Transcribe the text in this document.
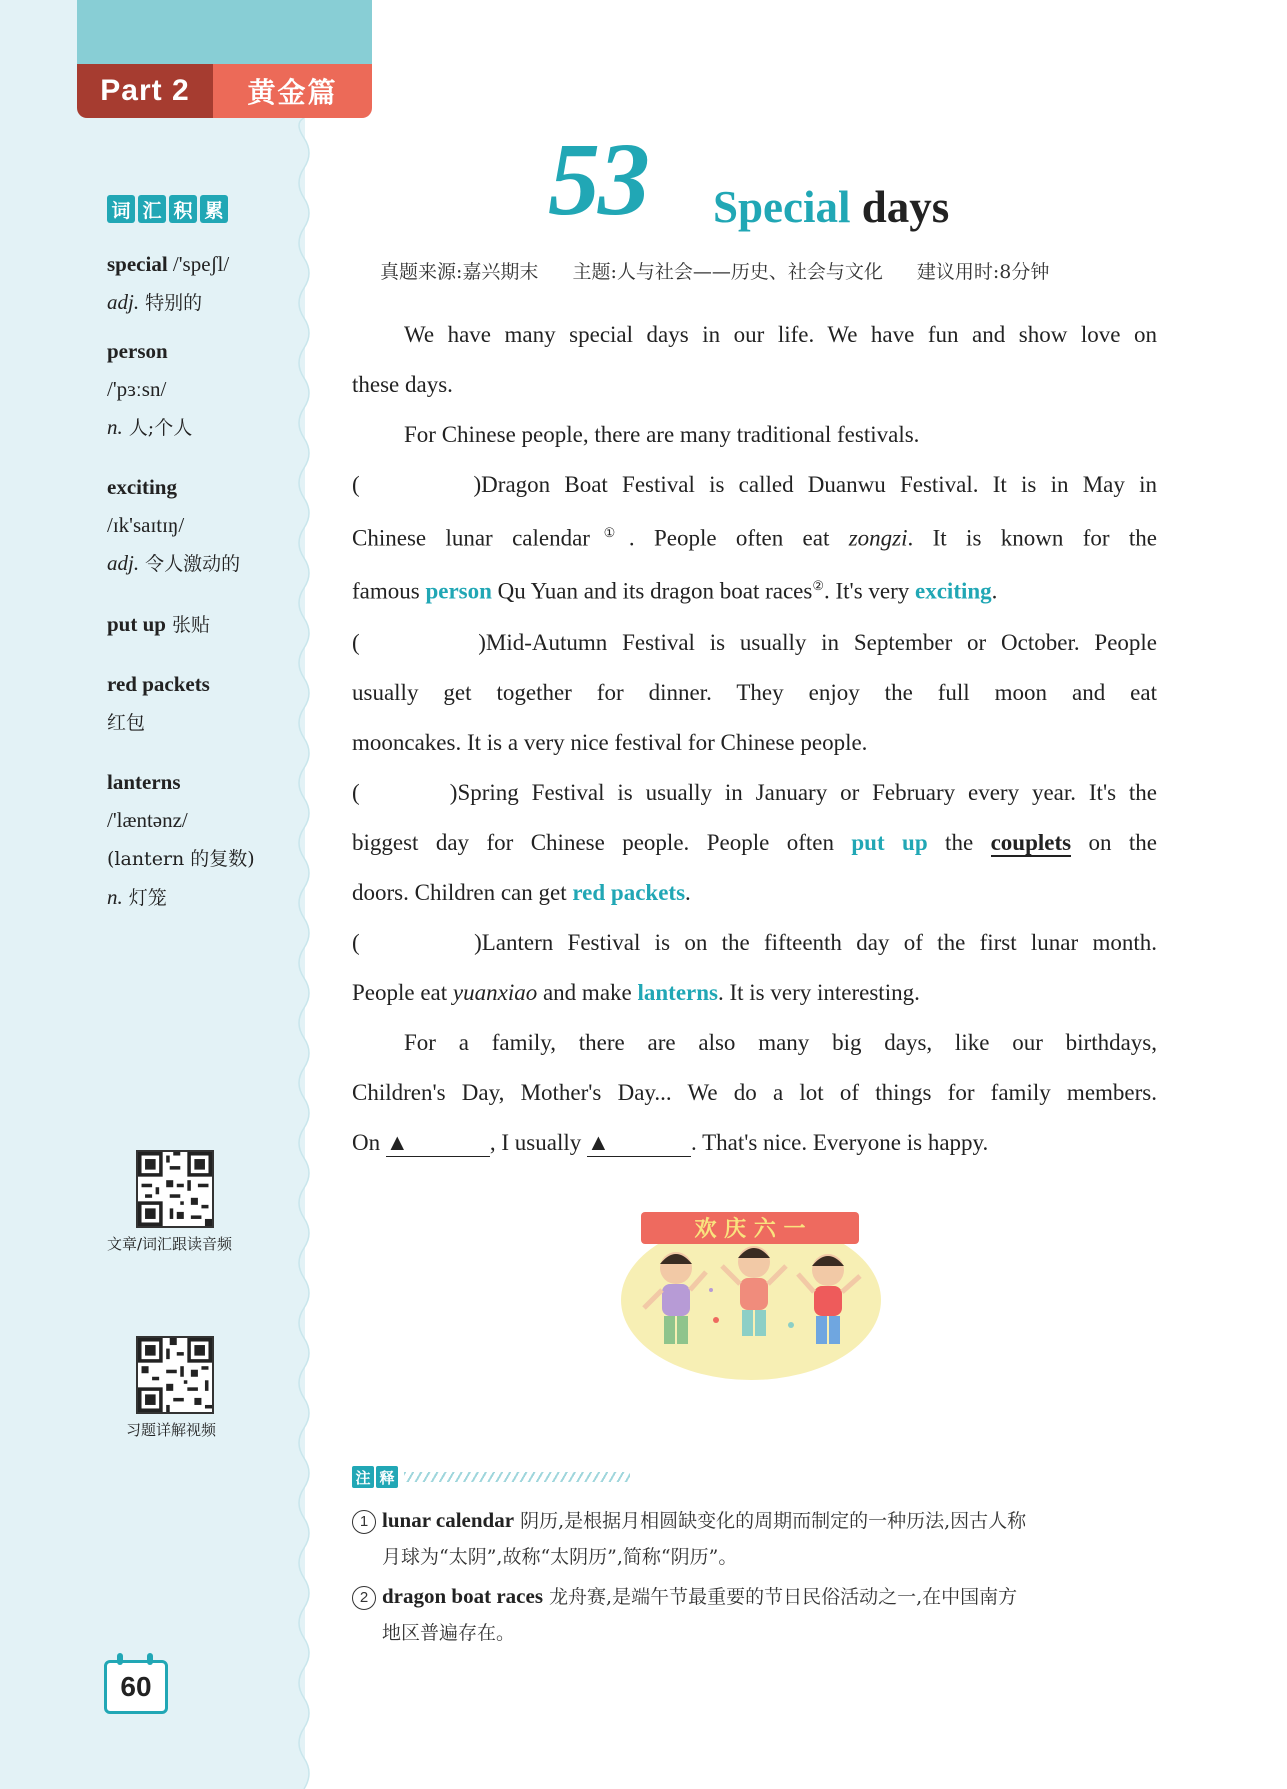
Part 2	黄金篇
词 汇 积 累
special /'speʃl/
adj. 特别的
person
/'pɜːsn/
n. 人;个人
exciting
/ɪk'saɪtɪŋ/
adj. 令人激动的
put up 张贴
red packets
红包
lanterns
/'læntənz/
(lantern 的复数)
n. 灯笼
文章/词汇跟读音频
习题详解视频
60
53 Special days
真题来源:嘉兴期末 主题:人与社会——历史、社会与文化 建议用时:8分钟
We have many special days in our life. We have fun and show love on
these days.
For Chinese people, there are many traditional festivals.
(	)Dragon Boat Festival is called Duanwu Festival. It is in May in
Chinese lunar calendar①. People often eat zongzi. It is known for the
famous person Qu Yuan and its dragon boat races②. It's very exciting.
(	)Mid-Autumn Festival is usually in September or October. People
usually get together for dinner. They enjoy the full moon and eat
mooncakes. It is a very nice festival for Chinese people.
(	)Spring Festival is usually in January or February every year. It's the
biggest day for Chinese people. People often put up the couplets on the
doors. Children can get red packets.
(	)Lantern Festival is on the fifteenth day of the first lunar month.
People eat yuanxiao and make lanterns. It is very interesting.
For a family, there are also many big days, like our birthdays,
Children's Day, Mother's Day... We do a lot of things for family members.
On ▲	, I usually ▲	. That's nice. Everyone is happy.
欢 庆 六 一
注 释
1 lunar calendar 阴历,是根据月相圆缺变化的周期而制定的一种历法,因古人称
月球为“太阴”,故称“太阴历”,简称“阴历”。
2 dragon boat races 龙舟赛,是端午节最重要的节日民俗活动之一,在中国南方
地区普遍存在。
